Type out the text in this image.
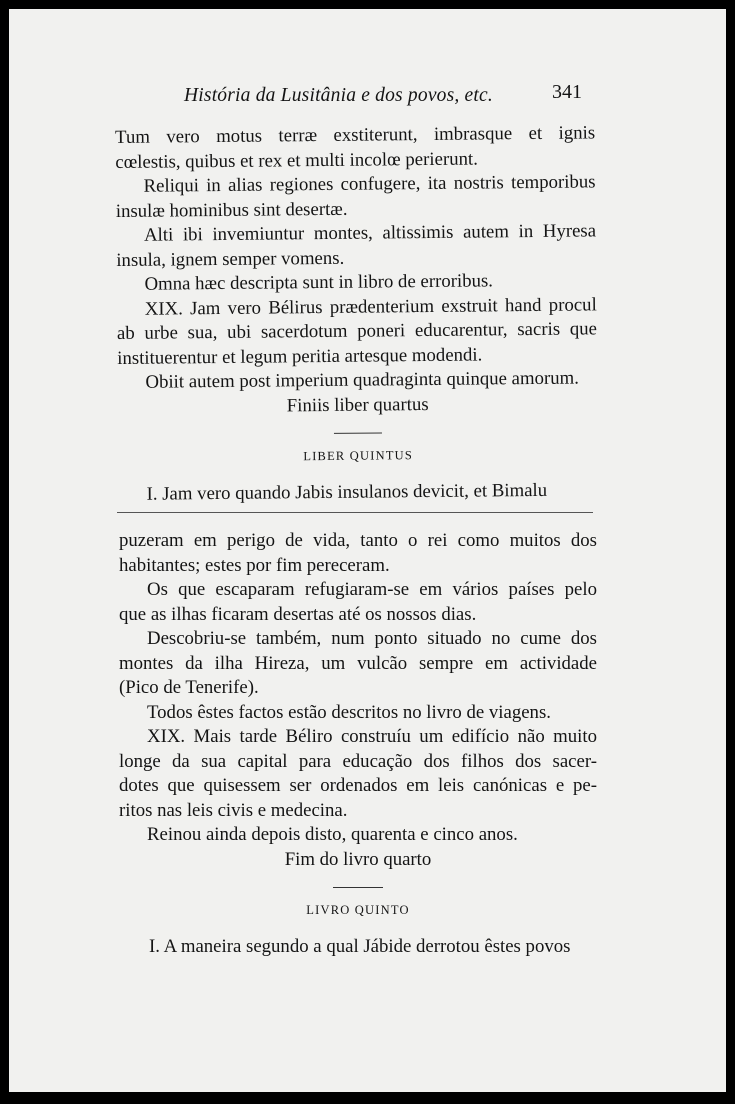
História da Lusitânia e dos povos, etc.	341

Tum vero motus terræ exstiterunt, imbrasque et ignis
cœlestis, quibus et rex et multi incolœ perierunt.

Reliqui in alias regiones confugere, ita nostris temporibus
insulæ hominibus sint desertæ.

Alti ibi invemiuntur montes, altissimis autem in Hyresa
insula, ignem semper vomens.

Omna hæc descripta sunt in libro de erroribus.

XIX. Jam vero Bélirus prædenterium exstruit hand procul
ab urbe sua, ubi sacerdotum poneri educarentur, sacris que
instituerentur et legum peritia artesque modendi.

Obiit autem post imperium quadraginta quinque amorum.

Finiis liber quartus
LIBER QUINTUS
I. Jam vero quando Jabis insulanos devicit, et Bimalu

puzeram em perigo de vida, tanto o rei como muitos dos
habitantes; estes por fim pereceram.

Os que escaparam refugiaram-se em vários países pelo
que as ilhas ficaram desertas até os nossos dias.

Descobriu-se também, num ponto situado no cume dos
montes da ilha Hireza, um vulcão sempre em actividade
(Pico de Tenerife).

Todos êstes factos estão descritos no livro de viagens.

XIX. Mais tarde Béliro construíu um edifício não muito
longe da sua capital para educação dos filhos dos sacer-
dotes que quisessem ser ordenados em leis canónicas e pe-
ritos nas leis civis e medecina.

Reinou ainda depois disto, quarenta e cinco anos.

Fim do livro quarto
LIVRO QUINTO
I. A maneira segundo a qual Jábide derrotou êstes povos
